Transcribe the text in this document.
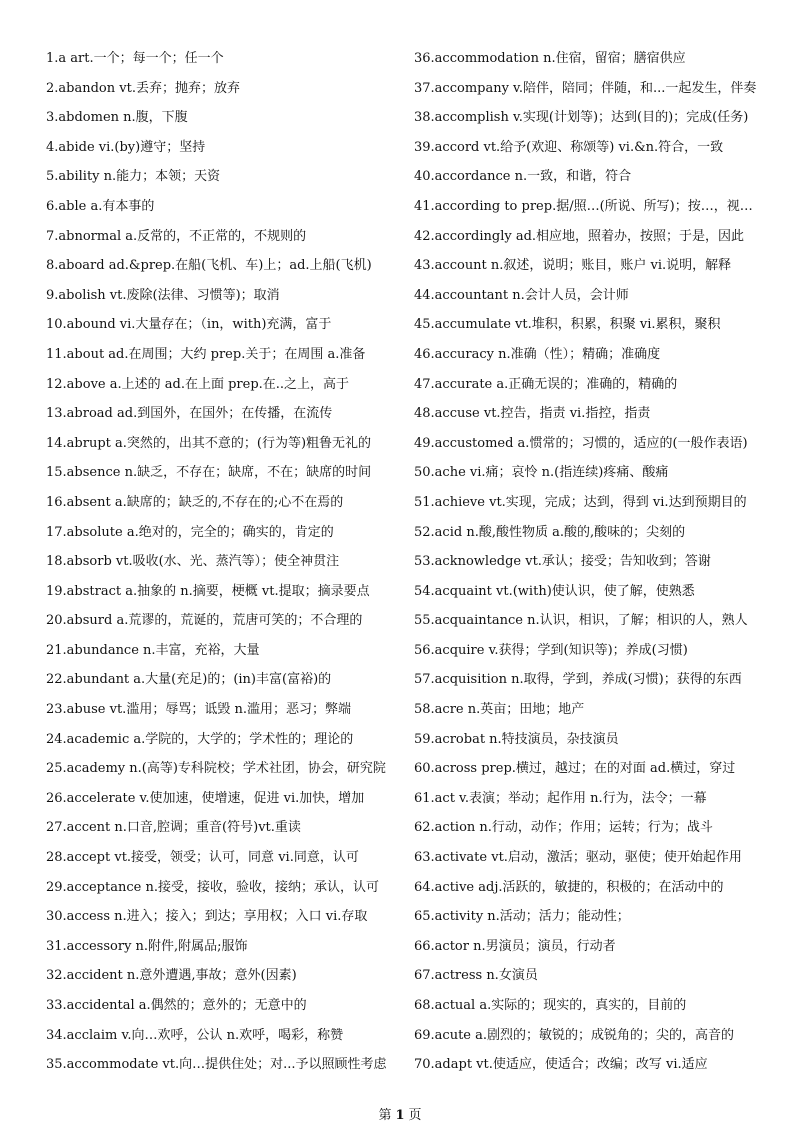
1.a art.一个；每一个；任一个
2.abandon vt.丢弃；抛弃；放弃
3.abdomen n.腹，下腹
4.abide vi.(by)遵守；坚持
5.ability n.能力；本领；天资
6.able a.有本事的
7.abnormal a.反常的，不正常的，不规则的
8.aboard ad.&prep.在船(飞机、车)上；ad.上船(飞机)
9.abolish vt.废除(法律、习惯等)；取消
10.abound vi.大量存在；（in，with)充满，富于
11.about ad.在周围；大约 prep.关于；在周围 a.准备
12.above a.上述的 ad.在上面 prep.在..之上，高于
13.abroad ad.到国外，在国外；在传播，在流传
14.abrupt a.突然的，出其不意的；(行为等)粗鲁无礼的
15.absence n.缺乏，不存在；缺席，不在；缺席的时间
16.absent a.缺席的；缺乏的,不存在的;心不在焉的
17.absolute a.绝对的，完全的；确实的，肯定的
18.absorb vt.吸收(水、光、蒸汽等）；使全神贯注
19.abstract a.抽象的 n.摘要，梗概 vt.提取；摘录要点
20.absurd a.荒谬的，荒诞的，荒唐可笑的；不合理的
21.abundance n.丰富，充裕，大量
22.abundant a.大量(充足)的；(in)丰富(富裕)的
23.abuse vt.滥用；辱骂；诋毁 n.滥用；恶习；弊端
24.academic a.学院的，大学的；学术性的；理论的
25.academy n.(高等)专科院校；学术社团，协会，研究院
26.accelerate v.使加速，使增速，促进 vi.加快，增加
27.accent n.口音,腔调；重音(符号)vt.重读
28.accept vt.接受，领受；认可，同意 vi.同意，认可
29.acceptance n.接受，接收，验收，接纳；承认，认可
30.access n.进入；接入；到达；享用权；入口 vi.存取
31.accessory n.附件,附属品;服饰
32.accident n.意外遭遇,事故；意外(因素)
33.accidental a.偶然的；意外的；无意中的
34.acclaim v.向…欢呼，公认 n.欢呼，喝彩，称赞
35.accommodate vt.向…提供住处；对...予以照顾性考虑
36.accommodation n.住宿，留宿；膳宿供应
37.accompany v.陪伴，陪同；伴随，和...一起发生，伴奏
38.accomplish v.实现(计划等)；达到(目的)；完成(任务)
39.accord vt.给予(欢迎、称颂等) vi.&n.符合，一致
40.accordance n.一致，和谐，符合
41.according to prep.据/照…(所说、所写)；按…，视…
42.accordingly ad.相应地，照着办，按照；于是，因此
43.account n.叙述，说明；账目，账户 vi.说明，解释
44.accountant n.会计人员，会计师
45.accumulate vt.堆积，积累，积聚 vi.累积，聚积
46.accuracy n.准确（性）；精确；准确度
47.accurate a.正确无误的；准确的，精确的
48.accuse vt.控告，指责 vi.指控，指责
49.accustomed a.惯常的；习惯的，适应的(一般作表语)
50.ache vi.痛；哀怜 n.(指连续)疼痛、酸痛
51.achieve vt.实现，完成；达到，得到 vi.达到预期目的
52.acid n.酸,酸性物质 a.酸的,酸味的；尖刻的
53.acknowledge vt.承认；接受；告知收到；答谢
54.acquaint vt.(with)使认识，使了解，使熟悉
55.acquaintance n.认识，相识，了解；相识的人，熟人
56.acquire v.获得；学到(知识等)；养成(习惯)
57.acquisition n.取得，学到，养成(习惯)；获得的东西
58.acre n.英亩；田地；地产
59.acrobat n.特技演员，杂技演员
60.across prep.横过，越过；在的对面 ad.横过，穿过
61.act v.表演；举动；起作用 n.行为，法令；一幕
62.action n.行动，动作；作用；运转；行为；战斗
63.activate vt.启动，激活；驱动，驱使；使开始起作用
64.active adj.活跃的，敏捷的，积极的；在活动中的
65.activity n.活动；活力；能动性；
66.actor n.男演员；演员，行动者
67.actress n.女演员
68.actual a.实际的；现实的，真实的，目前的
69.acute a.剧烈的；敏锐的；成锐角的；尖的，高音的
70.adapt vt.使适应，使适合；改编；改写 vi.适应
第 1 页
